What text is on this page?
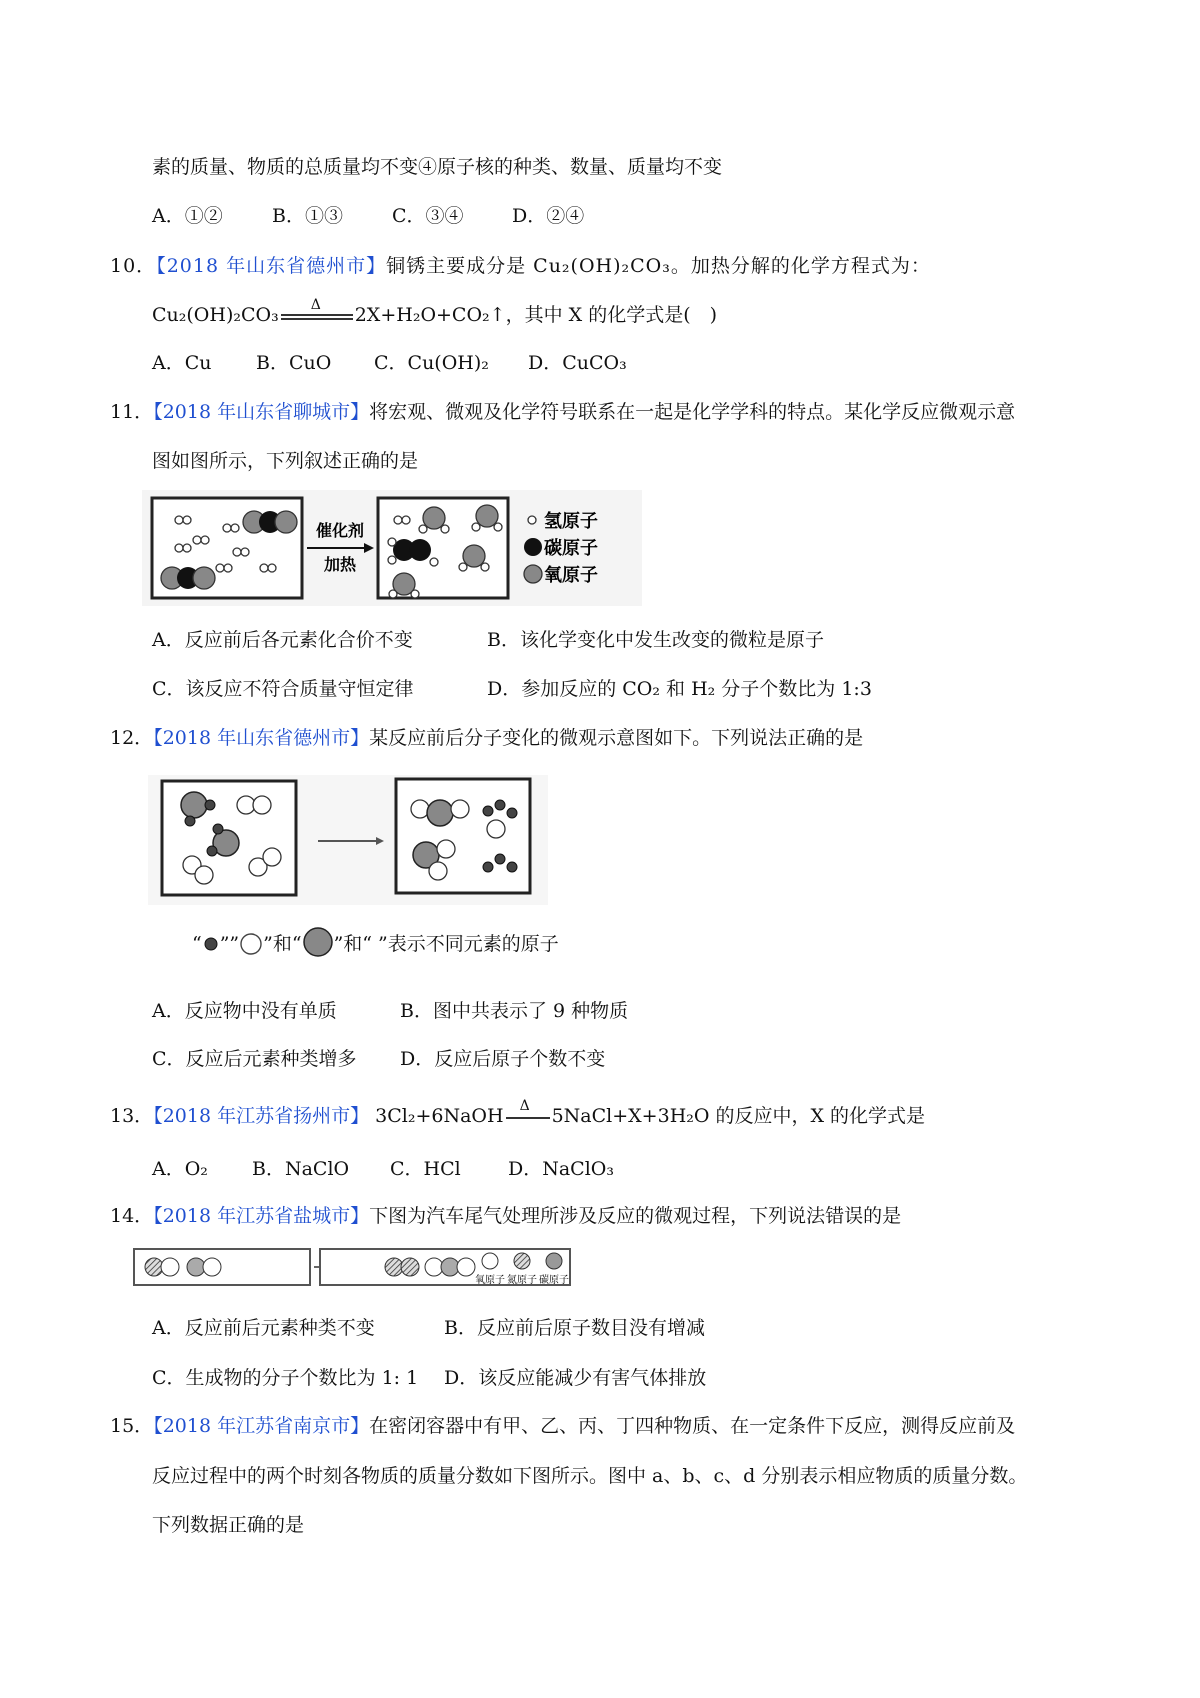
素的质量、物质的总质量均不变④原子核的种类、数量、质量均不变
A．①②	B．①③	C．③④	D．②④
10．【2018 年山东省德州市】铜锈主要成分是 Cu₂(OH)₂CO₃。加热分解的化学方程式为：
Cu₂(OH)₂CO₃ Δ 2X+H₂O+CO₂↑，其中 X 的化学式是(　)
A．Cu B．CuO C．Cu(OH)₂ D．CuCO₃
11．【2018 年山东省聊城市】将宏观、微观及化学符号联系在一起是化学学科的特点。某化学反应微观示意
图如图所示，下列叙述正确的是
催化剂
加热
氢原子
碳原子
氧原子
A．反应前后各元素化合价不变	B．该化学变化中发生改变的微粒是原子
C．该反应不符合质量守恒定律	D．参加反应的 CO₂ 和 H₂ 分子个数比为 1:3
12．【2018 年山东省德州市】某反应前后分子变化的微观示意图如下。下列说法正确的是
“ ”” ”和“ ”和“ ”表示不同元素的原子
A．反应物中没有单质	B．图中共表示了 9 种物质
C．反应后元素种类增多 D．反应后原子个数不变
13．【2018 年江苏省扬州市】 3Cl₂+6NaOH Δ 5NaCl+X+3H₂O 的反应中，X 的化学式是
A．O₂ B．NaClO C．HCl D．NaClO₃
14．【2018 年江苏省盐城市】下图为汽车尾气处理所涉及反应的微观过程，下列说法错误的是
氧原子 氮原子 碳原子
A．反应前后元素种类不变	B．反应前后原子数目没有增减
C．生成物的分子个数比为 1: 1 D．该反应能减少有害气体排放
15．【2018 年江苏省南京市】在密闭容器中有甲、乙、丙、丁四种物质、在一定条件下反应，测得反应前及
反应过程中的两个时刻各物质的质量分数如下图所示。图中 a、b、c、d 分别表示相应物质的质量分数。
下列数据正确的是
